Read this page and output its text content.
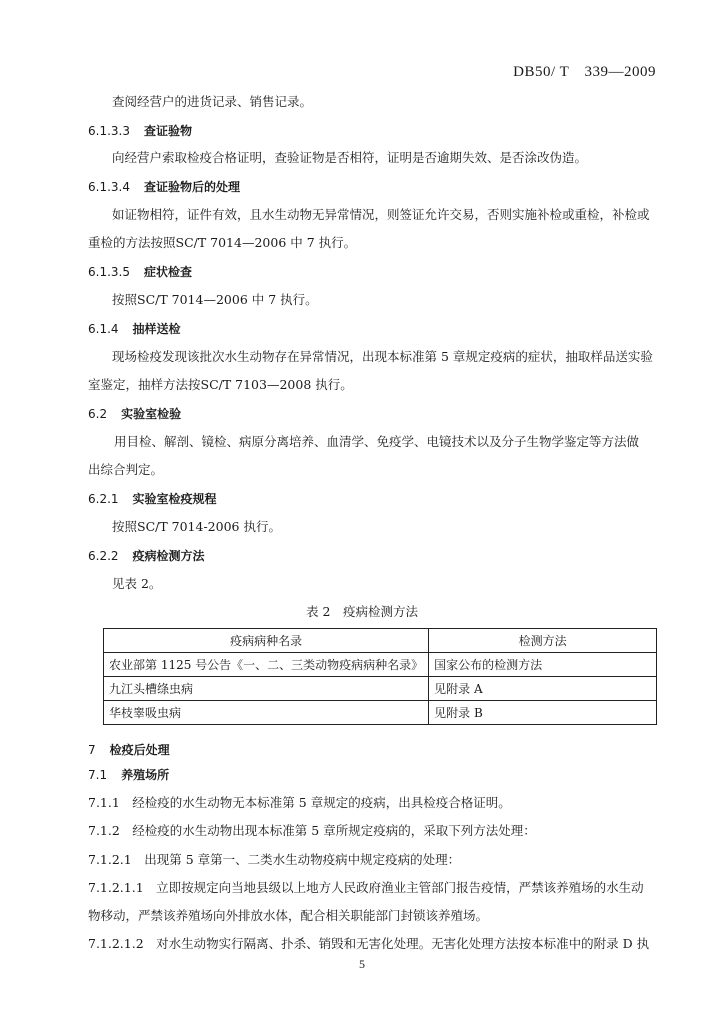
DB50/ T　339—2009
查阅经营户的进货记录、销售记录。
6.1.3.3 查证验物
向经营户索取检疫合格证明，查验证物是否相符，证明是否逾期失效、是否涂改伪造。
6.1.3.4 查证验物后的处理
如证物相符，证件有效，且水生动物无异常情况，则签证允许交易，否则实施补检或重检，补检或
重检的方法按照SC/T 7014—2006 中 7 执行。
6.1.3.5 症状检查
按照SC/T 7014—2006 中 7 执行。
6.1.4 抽样送检
现场检疫发现该批次水生动物存在异常情况，出现本标准第 5 章规定疫病的症状，抽取样品送实验
室鉴定，抽样方法按SC/T 7103—2008 执行。
6.2 实验室检验
用目检、解剖、镜检、病原分离培养、血清学、免疫学、电镜技术以及分子生物学鉴定等方法做
出综合判定。
6.2.1 实验室检疫规程
按照SC/T 7014-2006 执行。
6.2.2 疫病检测方法
见表 2。
表 2　疫病检测方法
疫病病种名录	检测方法
农业部第 1125 号公告《一、二、三类动物疫病病种名录》	国家公布的检测方法
九江头槽绦虫病	见附录 A
华枝睾吸虫病	见附录 B
7 检疫后处理
7.1 养殖场所
7.1.1　经检疫的水生动物无本标准第 5 章规定的疫病，出具检疫合格证明。
7.1.2　经检疫的水生动物出现本标准第 5 章所规定疫病的，采取下列方法处理：
7.1.2.1　出现第 5 章第一、二类水生动物疫病中规定疫病的处理：
7.1.2.1.1　立即按规定向当地县级以上地方人民政府渔业主管部门报告疫情，严禁该养殖场的水生动
物移动，严禁该养殖场向外排放水体，配合相关职能部门封锁该养殖场。
7.1.2.1.2　对水生动物实行隔离、扑杀、销毁和无害化处理。无害化处理方法按本标准中的附录 D 执
5
